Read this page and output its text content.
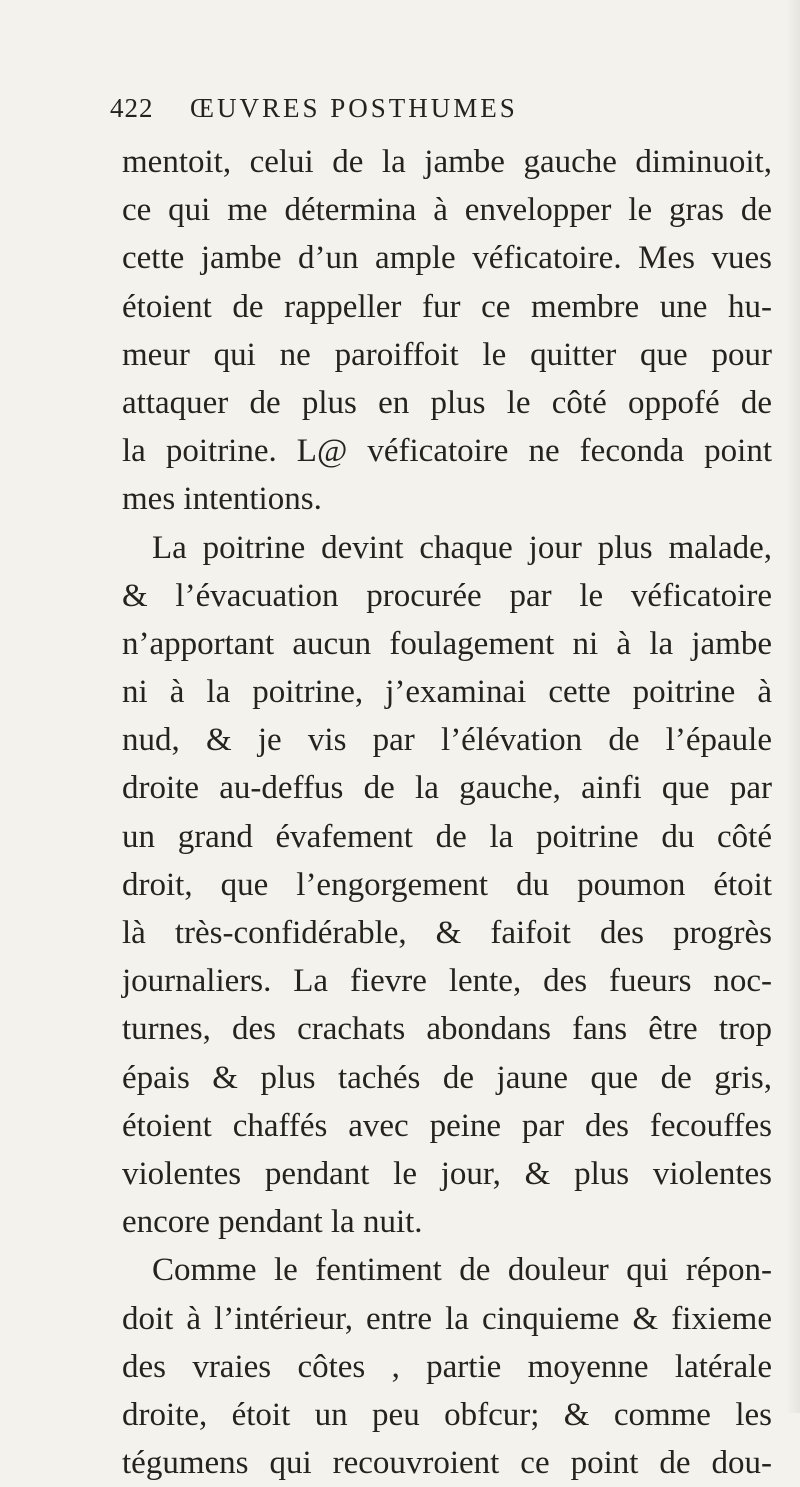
422 ŒUVRES POSTHUMES
mentoit, celui de la jambe gauche diminuoit,
ce qui me détermina à envelopper le gras de
cette jambe d’un ample véficatoire. Mes vues
étoient de rappeller fur ce membre une hu-
meur qui ne paroiffoit le quitter que pour
attaquer de plus en plus le côté oppofé de
la poitrine. L@ véficatoire ne feconda point
mes intentions.
La poitrine devint chaque jour plus malade,
& l’évacuation procurée par le véficatoire
n’apportant aucun foulagement ni à la jambe
ni à la poitrine, j’examinai cette poitrine à
nud, & je vis par l’élévation de l’épaule
droite au-deffus de la gauche, ainfi que par
un grand évafement de la poitrine du côté
droit, que l’engorgement du poumon étoit
là très-confidérable, & faifoit des progrès
journaliers. La fievre lente, des fueurs noc-
turnes, des crachats abondans fans être trop
épais & plus tachés de jaune que de gris,
étoient chaffés avec peine par des fecouffes
violentes pendant le jour, & plus violentes
encore pendant la nuit.
Comme le fentiment de douleur qui répon-
doit à l’intérieur, entre la cinquieme & fixieme
des vraies côtes , partie moyenne latérale
droite, étoit un peu obfcur; & comme les
tégumens qui recouvroient ce point de dou-
